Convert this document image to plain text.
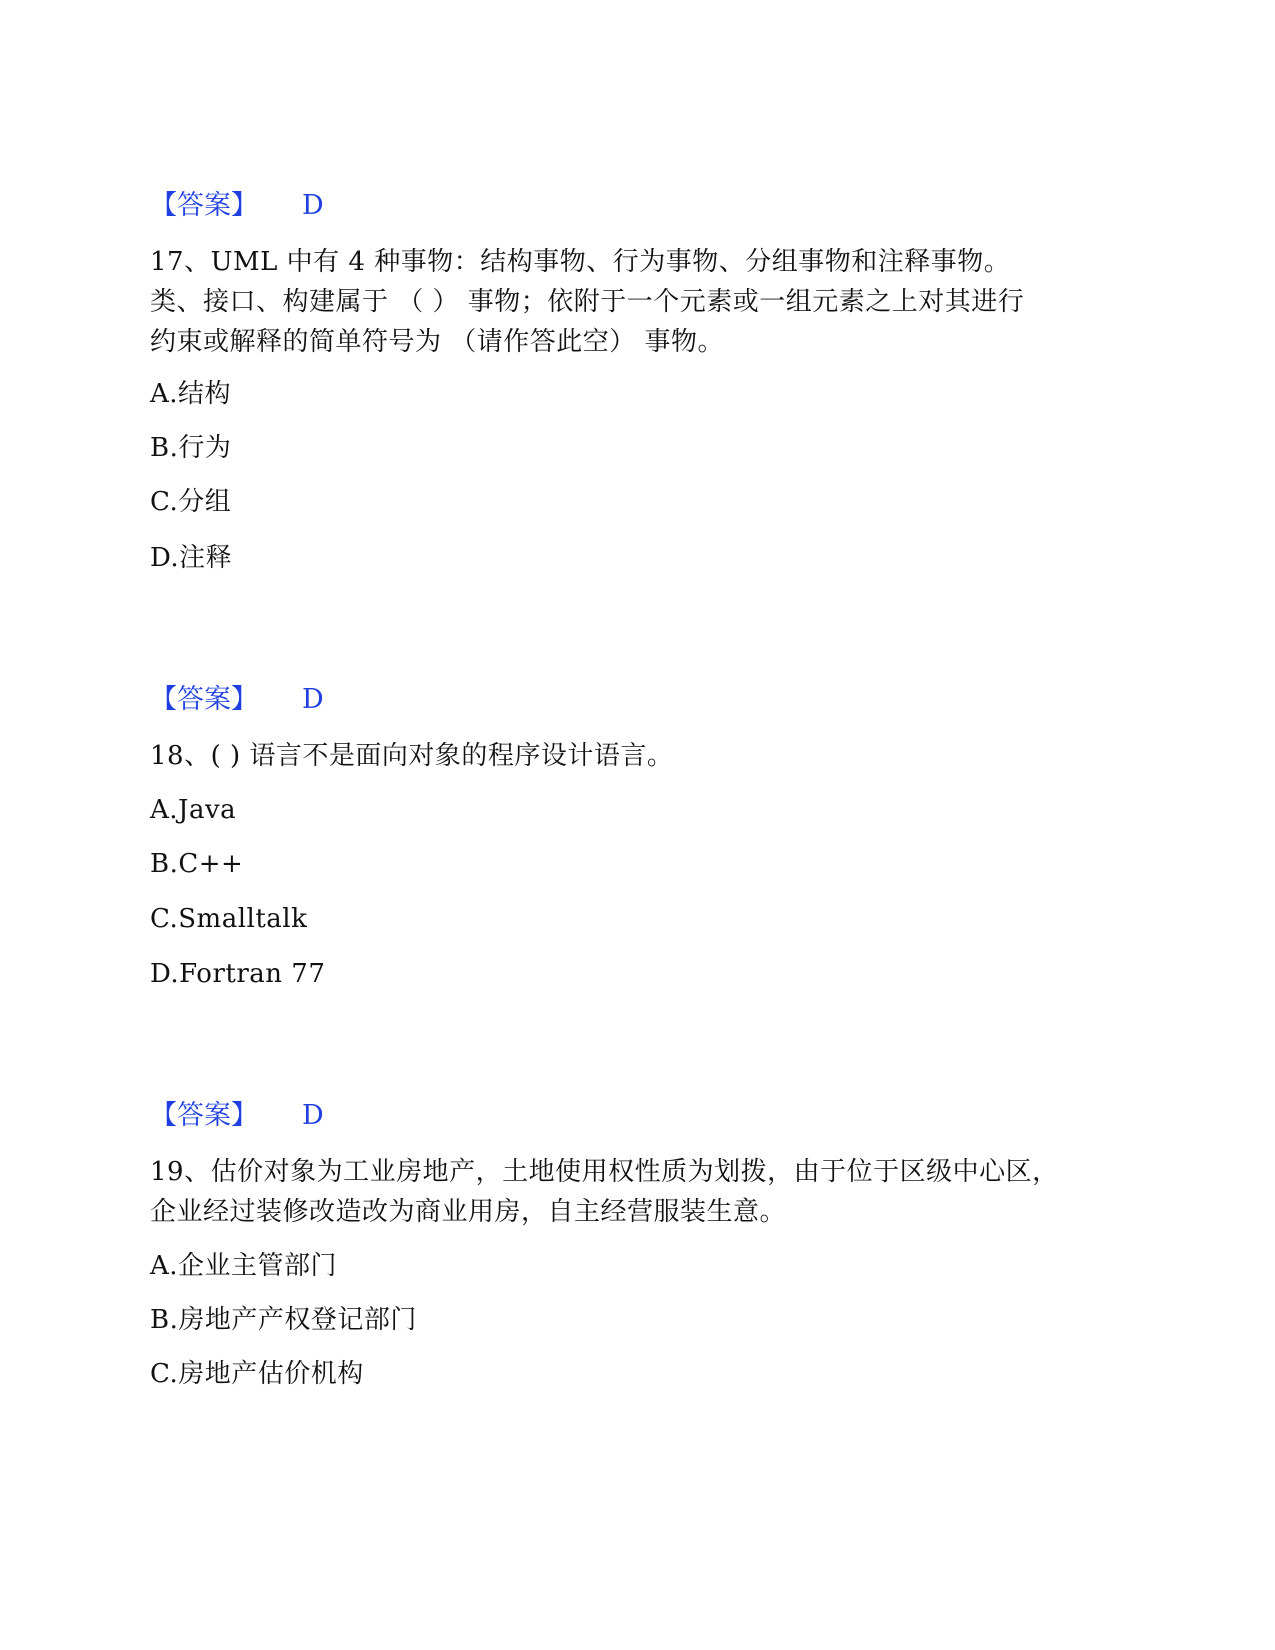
【答案】 D
17、UML 中有 4 种事物：结构事物、行为事物、分组事物和注释事物。类、接口、构建属于 （ ） 事物；依附于一个元素或一组元素之上对其进行约束或解释的简单符号为 （请作答此空） 事物。
A.结构
B.行为
C.分组
D.注释
【答案】 D
18、( ) 语言不是面向对象的程序设计语言。
A.Java
B.C++
C.Smalltalk
D.Fortran 77
【答案】 D
19、估价对象为工业房地产，土地使用权性质为划拨，由于位于区级中心区，企业经过装修改造改为商业用房，自主经营服装生意。
A.企业主管部门
B.房地产产权登记部门
C.房地产估价机构
